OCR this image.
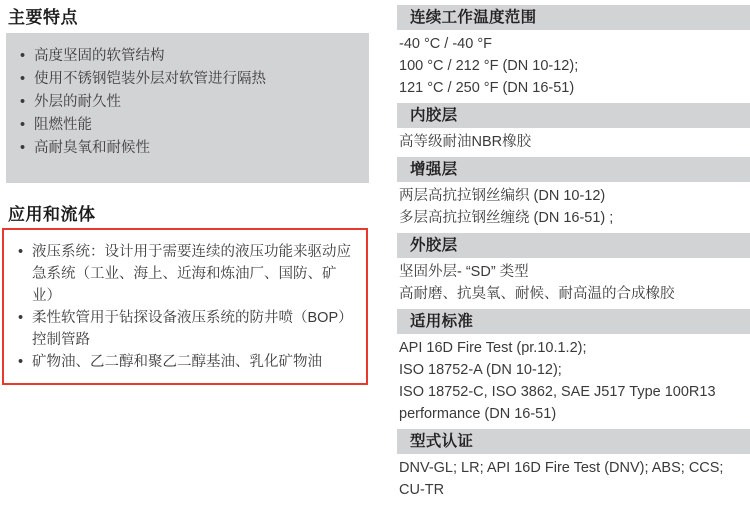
主要特点
• 高度坚固的软管结构
• 使用不锈钢铠装外层对软管进行隔热
• 外层的耐久性
• 阻燃性能
• 高耐臭氧和耐候性
应用和流体
• 液压系统：设计用于需要连续的液压功能来驱动应急系统（工业、海上、近海和炼油厂、国防、矿业）
• 柔性软管用于钻探设备液压系统的防井喷（BOP）控制管路
• 矿物油、乙二醇和聚乙二醇基油、乳化矿物油
连续工作温度范围
-40 °C / -40 °F
100 °C / 212 °F (DN 10-12);
121 °C / 250 °F (DN 16-51)
内胶层
高等级耐油NBR橡胶
增强层
两层高抗拉钢丝编织 (DN 10-12)
多层高抗拉钢丝缠绕 (DN 16-51) ;
外胶层
坚固外层- “SD” 类型
高耐磨、抗臭氧、耐候、耐高温的合成橡胶
适用标准
API 16D Fire Test (pr.10.1.2);
ISO 18752-A (DN 10-12);
ISO 18752-C, ISO 3862, SAE J517 Type 100R13
performance (DN 16-51)
型式认证
DNV-GL; LR; API 16D Fire Test (DNV); ABS; CCS;
CU-TR
